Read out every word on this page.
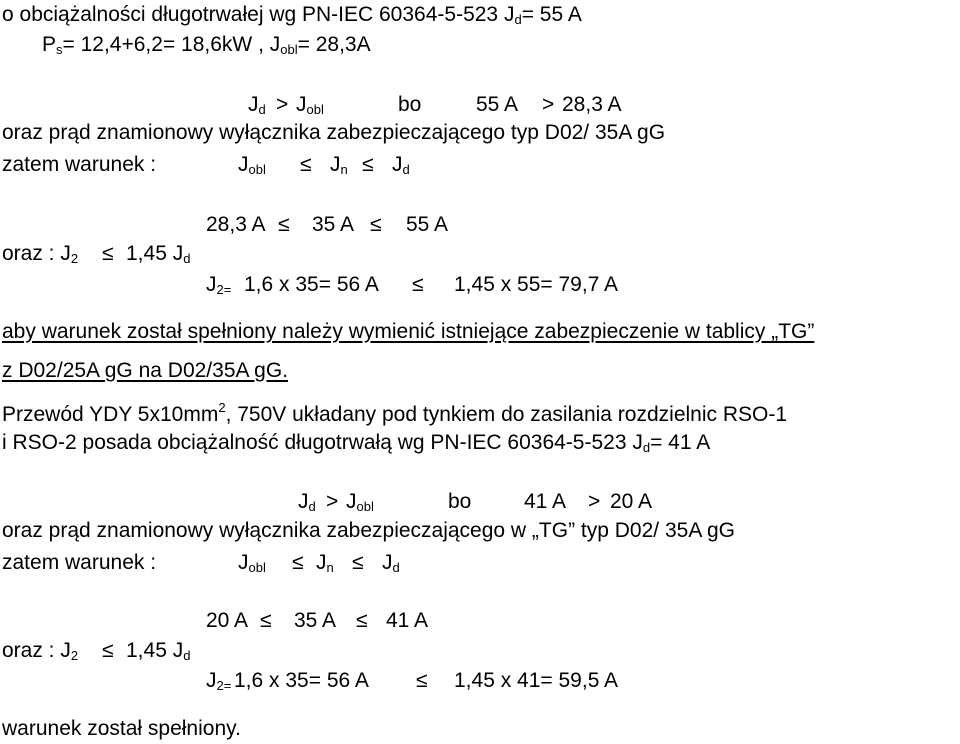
o obciążalności długotrwałej wg PN-IEC 60364-5-523 $J_d= 55$ A
$P_s= 12,4+6,2= 18,6kW$ , $J_{obl}= 28,3A$
$J_d > J_{obl}$	bo	55 A > 28,3 A
oraz prąd znamionowy wyłącznika zabezpieczającego typ D02/ 35A gG
zatem warunek :	$J_{obl} \le J_n \le J_d$
28,3 A ≤ 35 A ≤ 55 A
oraz : $J_2 \le 1,45$ $J_d$
$J_{2=}$ 1,6 x 35= 56 A ≤ 1,45 x 55= 79,7 A
aby warunek został spełniony należy wymienić istniejące zabezpieczenie w tablicy „TG”
z D02/25A gG na D02/35A gG.
Przewód YDY $5x10mm^2$, 750V układany pod tynkiem do zasilania rozdzielnic RSO-1
i RSO-2 posada obciążalność długotrwałą wg PN-IEC 60364-5-523 $J_d= 41$ A
$J_d > J_{obl}$	bo	41 A > 20 A
oraz prąd znamionowy wyłącznika zabezpieczającego w „TG” typ D02/ 35A gG
zatem warunek :	$J_{obl} \le J_n \le J_d$
20 A ≤ 35 A ≤ 41 A
oraz : $J_2 \le 1,45$ $J_d$
$J_{2=}$ 1,6 x 35= 56 A ≤ 1,45 x 41= 59,5 A
warunek został spełniony.
